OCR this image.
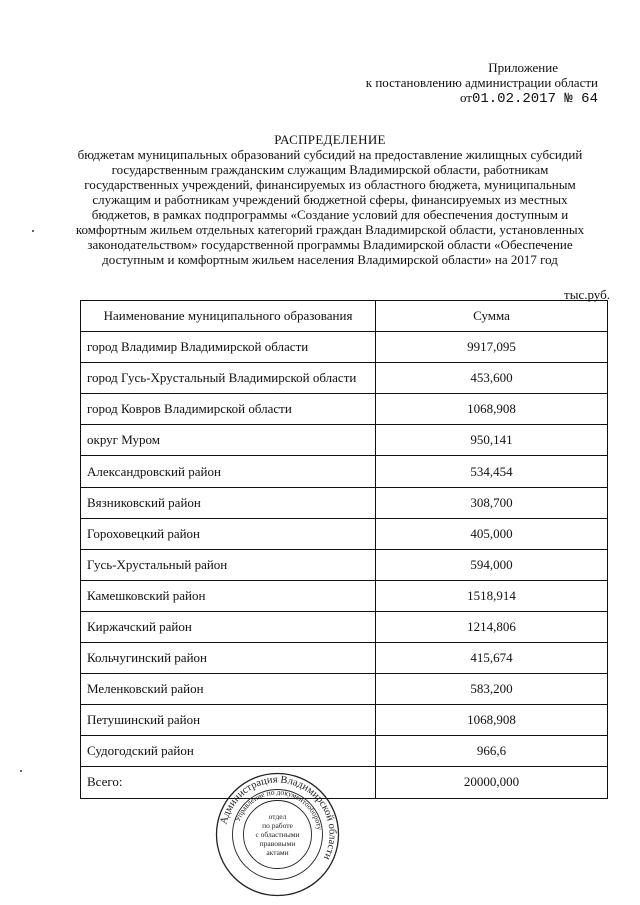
Приложение
к постановлению администрации области
от01.02.2017 № 64
РАСПРЕДЕЛЕНИЕ
бюджетам муниципальных образований субсидий на предоставление жилищных субсидий
государственным гражданским служащим Владимирской области, работникам
государственных учреждений, финансируемых из областного бюджета, муниципальным
служащим и работникам учреждений бюджетной сферы, финансируемых из местных
бюджетов, в рамках подпрограммы «Создание условий для обеспечения доступным и
комфортным жильем отдельных категорий граждан Владимирской области, установленных
законодательством» государственной программы Владимирской области «Обеспечение
доступным и комфортным жильем населения Владимирской области» на 2017 год
тыс.руб.
Наименование муниципального образования	Сумма
город Владимир Владимирской области	9917,095
город Гусь-Хрустальный Владимирской области	453,600
город Ковров Владимирской области	1068,908
округ Муром	950,141
Александровский район	534,454
Вязниковский район	308,700
Гороховецкий район	405,000
Гусь-Хрустальный район	594,000
Камешковский район	1518,914
Киржачский район	1214,806
Кольчугинский район	415,674
Меленковский район	583,200
Петушинский район	1068,908
Судогодский район	966,6
Всего:	20000,000
Администрация Владимирской области
Управление по документообороту
отдел
по работе
с областными
правовыми
актами
